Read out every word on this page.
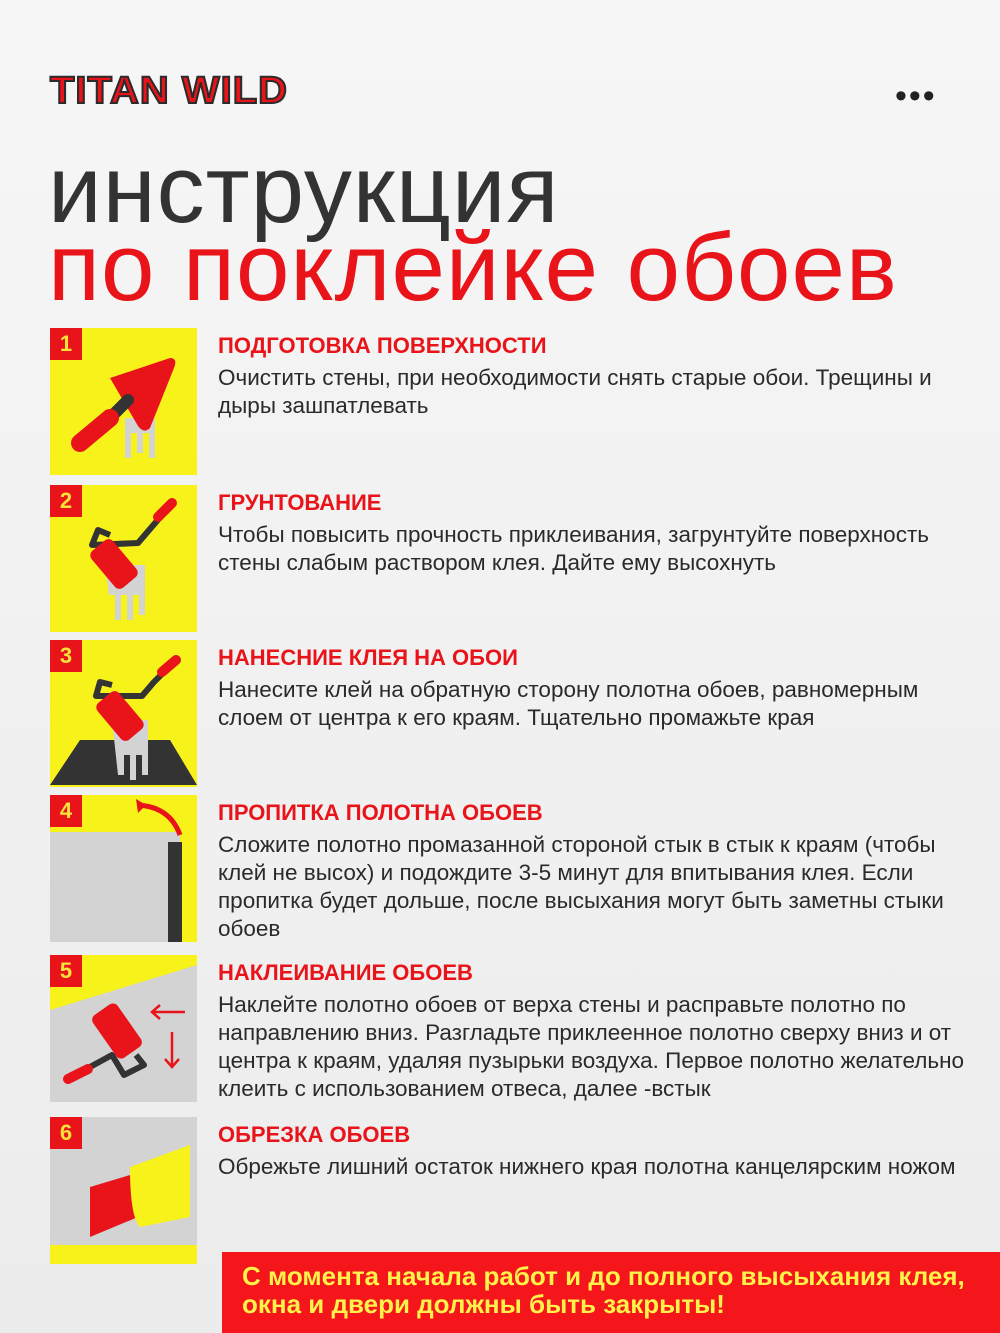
TITAN WILD	•••
инструкция
по поклейке обоев
1	ПОДГОТОВКА ПОВЕРХНОСТИ
Очистить стены, при необходимости снять старые обои. Трещины и дыры зашпатлевать
2	ГРУНТОВАНИЕ
Чтобы повысить прочность приклеивания, загрунтуйте поверхность стены слабым раствором клея. Дайте ему высохнуть
3	НАНЕСНИЕ КЛЕЯ НА ОБОИ
Нанесите клей на обратную сторону полотна обоев, равномерным слоем от центра к его краям. Тщательно промажьте края
4	ПРОПИТКА ПОЛОТНА ОБОЕВ
Сложите полотно промазанной стороной стык в стык к краям (чтобы клей не высох) и подождите 3-5 минут для впитывания клея. Если пропитка будет дольше, после высыхания могут быть заметны стыки обоев
5	НАКЛЕИВАНИЕ ОБОЕВ
Наклейте полотно обоев от верха стены и расправьте полотно по направлению вниз. Разгладьте приклеенное полотно сверху вниз и от центра к краям, удаляя пузырьки воздуха. Первое полотно желательно клеить с использованием отвеса, далее -встык
6	ОБРЕЗКА ОБОЕВ
Обрежьте лишний остаток нижнего края полотна канцелярским ножом
С момента начала работ и до полного высыхания клея, окна и двери должны быть закрыты!
